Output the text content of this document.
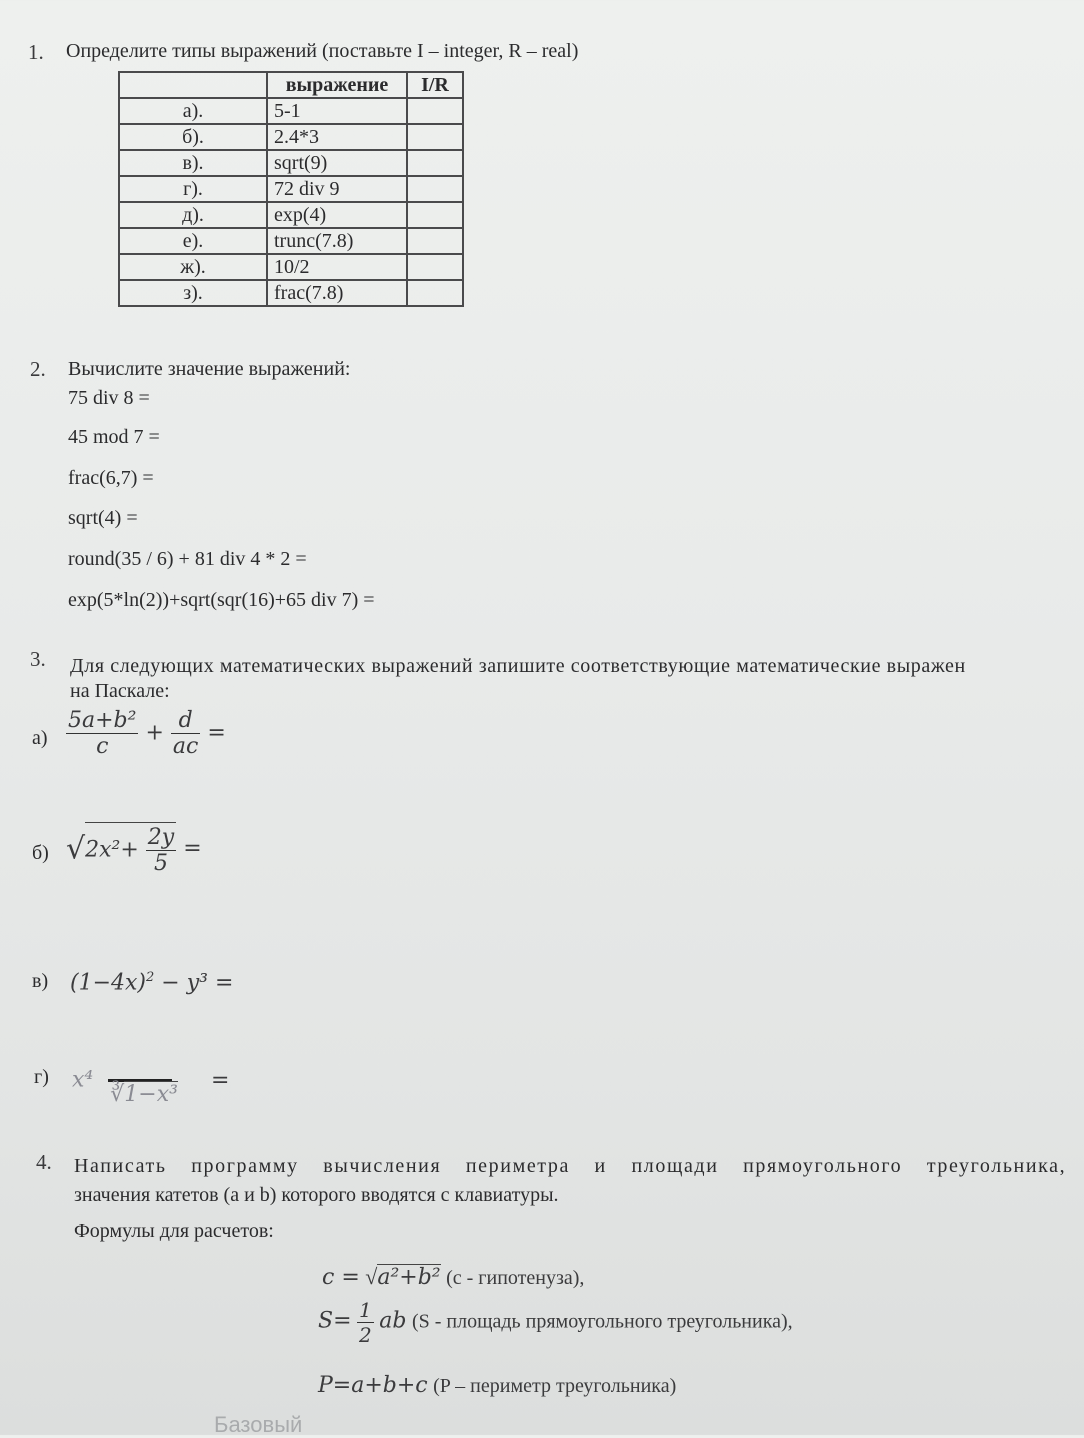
1. Определите типы выражений (поставьте I – integer, R – real)
	выражение	I/R
а).	5-1	
б).	2.4*3	
в).	sqrt(9)	
г).	72 div 9	
д).	exp(4)	
е).	trunc(7.8)	
ж).	10/2	
з).	frac(7.8)	
2. Вычислите значение выражений:
75 div 8 =
45 mod 7 =
frac(6,7) =
sqrt(4) =
round(35 / 6) + 81 div 4 * 2 =
exp(5*ln(2))+sqrt(sqr(16)+65 div 7) =
3. Для следующих математических выражений запишите соответствующие математические выражен
на Паскале:
$а) \frac{\text{5a+b²}}{c} + \frac{d}{ac}$ =
б) $√2x^2+ \frac{2y}{5}$ =
в) $(1-4x)^2 - y^3$ =
г) x⁴

∛1−x³
=
4. Написать программу вычисления периметра и площади прямоугольного треугольника,
значения катетов (a и b) которого вводятся с клавиатуры.
Формулы для расчетов:
c = √a²+b² (c - гипотенуза),
$S= \frac{1}{2}$ ab (S - площадь прямоугольного треугольника),
P=a+b+c (P – периметр треугольника)
Базовый
